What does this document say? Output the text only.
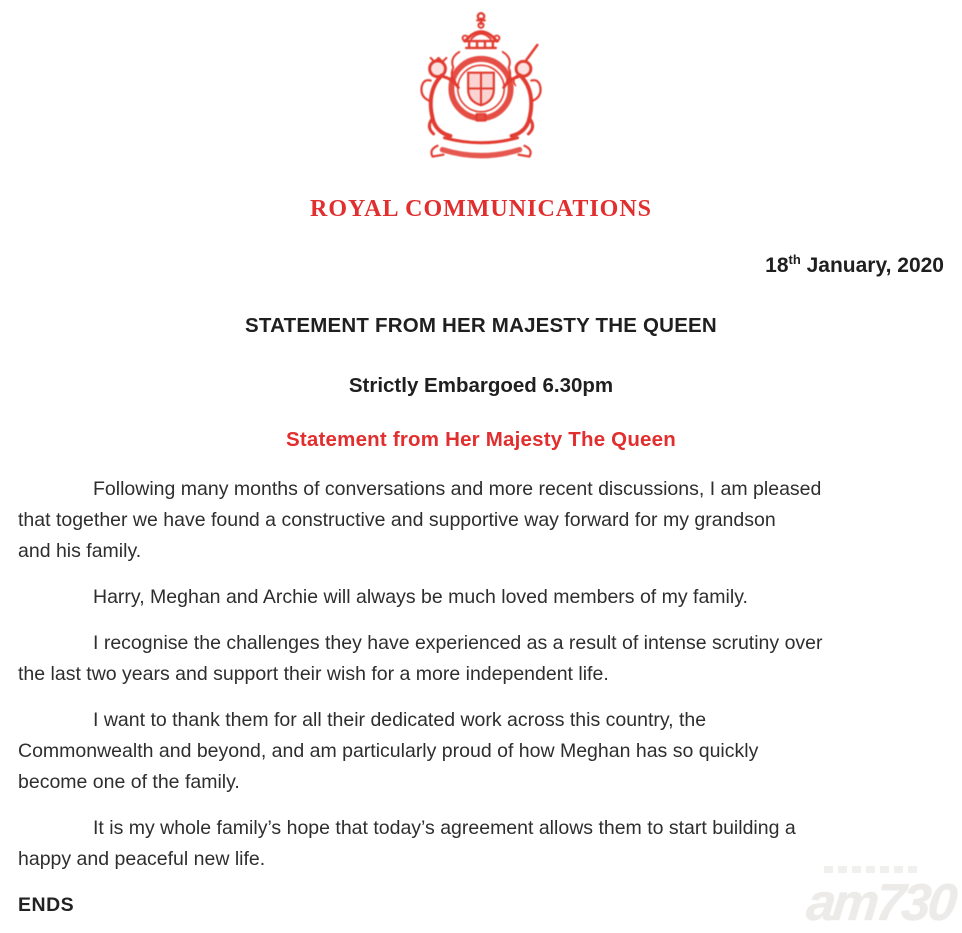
ROYAL COMMUNICATIONS
18th January, 2020
STATEMENT FROM HER MAJESTY THE QUEEN
Strictly Embargoed 6.30pm
Statement from Her Majesty The Queen
Following many months of conversations and more recent discussions, I am pleased
that together we have found a constructive and supportive way forward for my grandson
and his family.
Harry, Meghan and Archie will always be much loved members of my family.
I recognise the challenges they have experienced as a result of intense scrutiny over
the last two years and support their wish for a more independent life.
I want to thank them for all their dedicated work across this country, the
Commonwealth and beyond, and am particularly proud of how Meghan has so quickly
become one of the family.
It is my whole family’s hope that today’s agreement allows them to start building a
happy and peaceful new life.
ENDS	am730
